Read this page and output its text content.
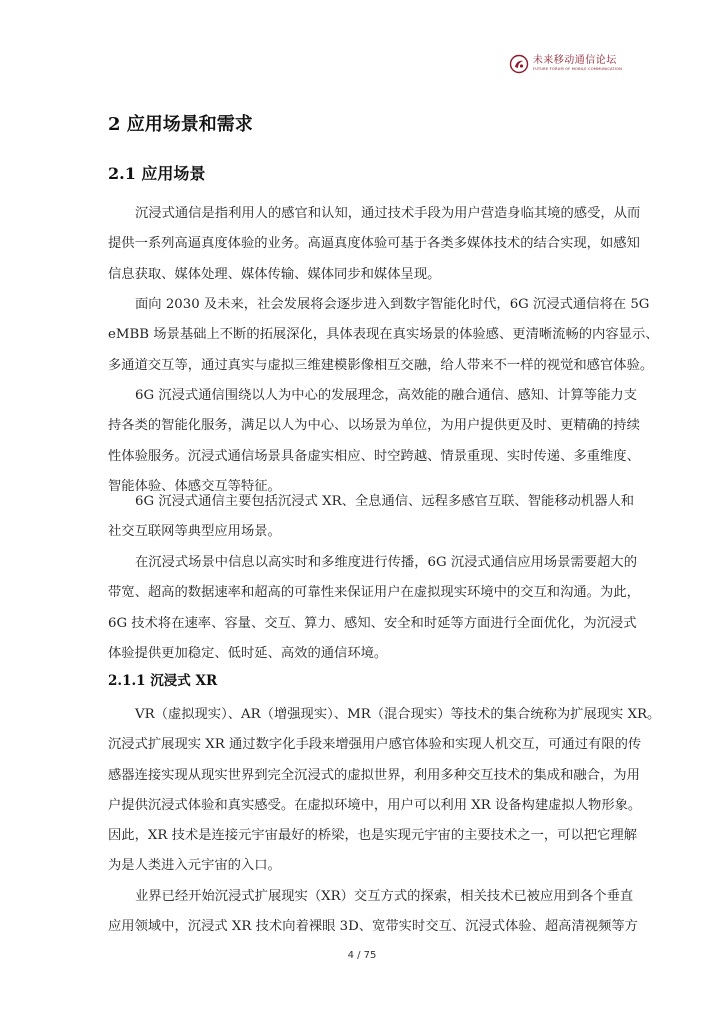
未来移动通信论坛
FUTURE FORUM OF MOBILE COMMUNICATION
2 应用场景和需求
2.1 应用场景
沉浸式通信是指利用人的感官和认知，通过技术手段为用户营造身临其境的感受，从而
提供一系列高逼真度体验的业务。高逼真度体验可基于各类多媒体技术的结合实现，如感知
信息获取、媒体处理、媒体传输、媒体同步和媒体呈现。
面向 2030 及未来，社会发展将会逐步进入到数字智能化时代，6G 沉浸式通信将在 5G
eMBB 场景基础上不断的拓展深化，具体表现在真实场景的体验感、更清晰流畅的内容显示、
多通道交互等，通过真实与虚拟三维建模影像相互交融，给人带来不一样的视觉和感官体验。
6G 沉浸式通信围绕以人为中心的发展理念，高效能的融合通信、感知、计算等能力支
持各类的智能化服务，满足以人为中心、以场景为单位，为用户提供更及时、更精确的持续
性体验服务。沉浸式通信场景具备虚实相应、时空跨越、情景重现、实时传递、多重维度、
智能体验、体感交互等特征。
6G 沉浸式通信主要包括沉浸式 XR、全息通信、远程多感官互联、智能移动机器人和
社交互联网等典型应用场景。
在沉浸式场景中信息以高实时和多维度进行传播，6G 沉浸式通信应用场景需要超大的
带宽、超高的数据速率和超高的可靠性来保证用户在虚拟现实环境中的交互和沟通。为此，
6G 技术将在速率、容量、交互、算力、感知、安全和时延等方面进行全面优化，为沉浸式
体验提供更加稳定、低时延、高效的通信环境。
2.1.1 沉浸式 XR
VR（虚拟现实）、AR（增强现实）、MR（混合现实）等技术的集合统称为扩展现实 XR。
沉浸式扩展现实 XR 通过数字化手段来增强用户感官体验和实现人机交互，可通过有限的传
感器连接实现从现实世界到完全沉浸式的虚拟世界，利用多种交互技术的集成和融合，为用
户提供沉浸式体验和真实感受。在虚拟环境中，用户可以利用 XR 设备构建虚拟人物形象。
因此，XR 技术是连接元宇宙最好的桥梁，也是实现元宇宙的主要技术之一，可以把它理解
为是人类进入元宇宙的入口。
业界已经开始沉浸式扩展现实（XR）交互方式的探索，相关技术已被应用到各个垂直
应用领域中，沉浸式 XR 技术向着裸眼 3D、宽带实时交互、沉浸式体验、超高清视频等方
4 / 75
